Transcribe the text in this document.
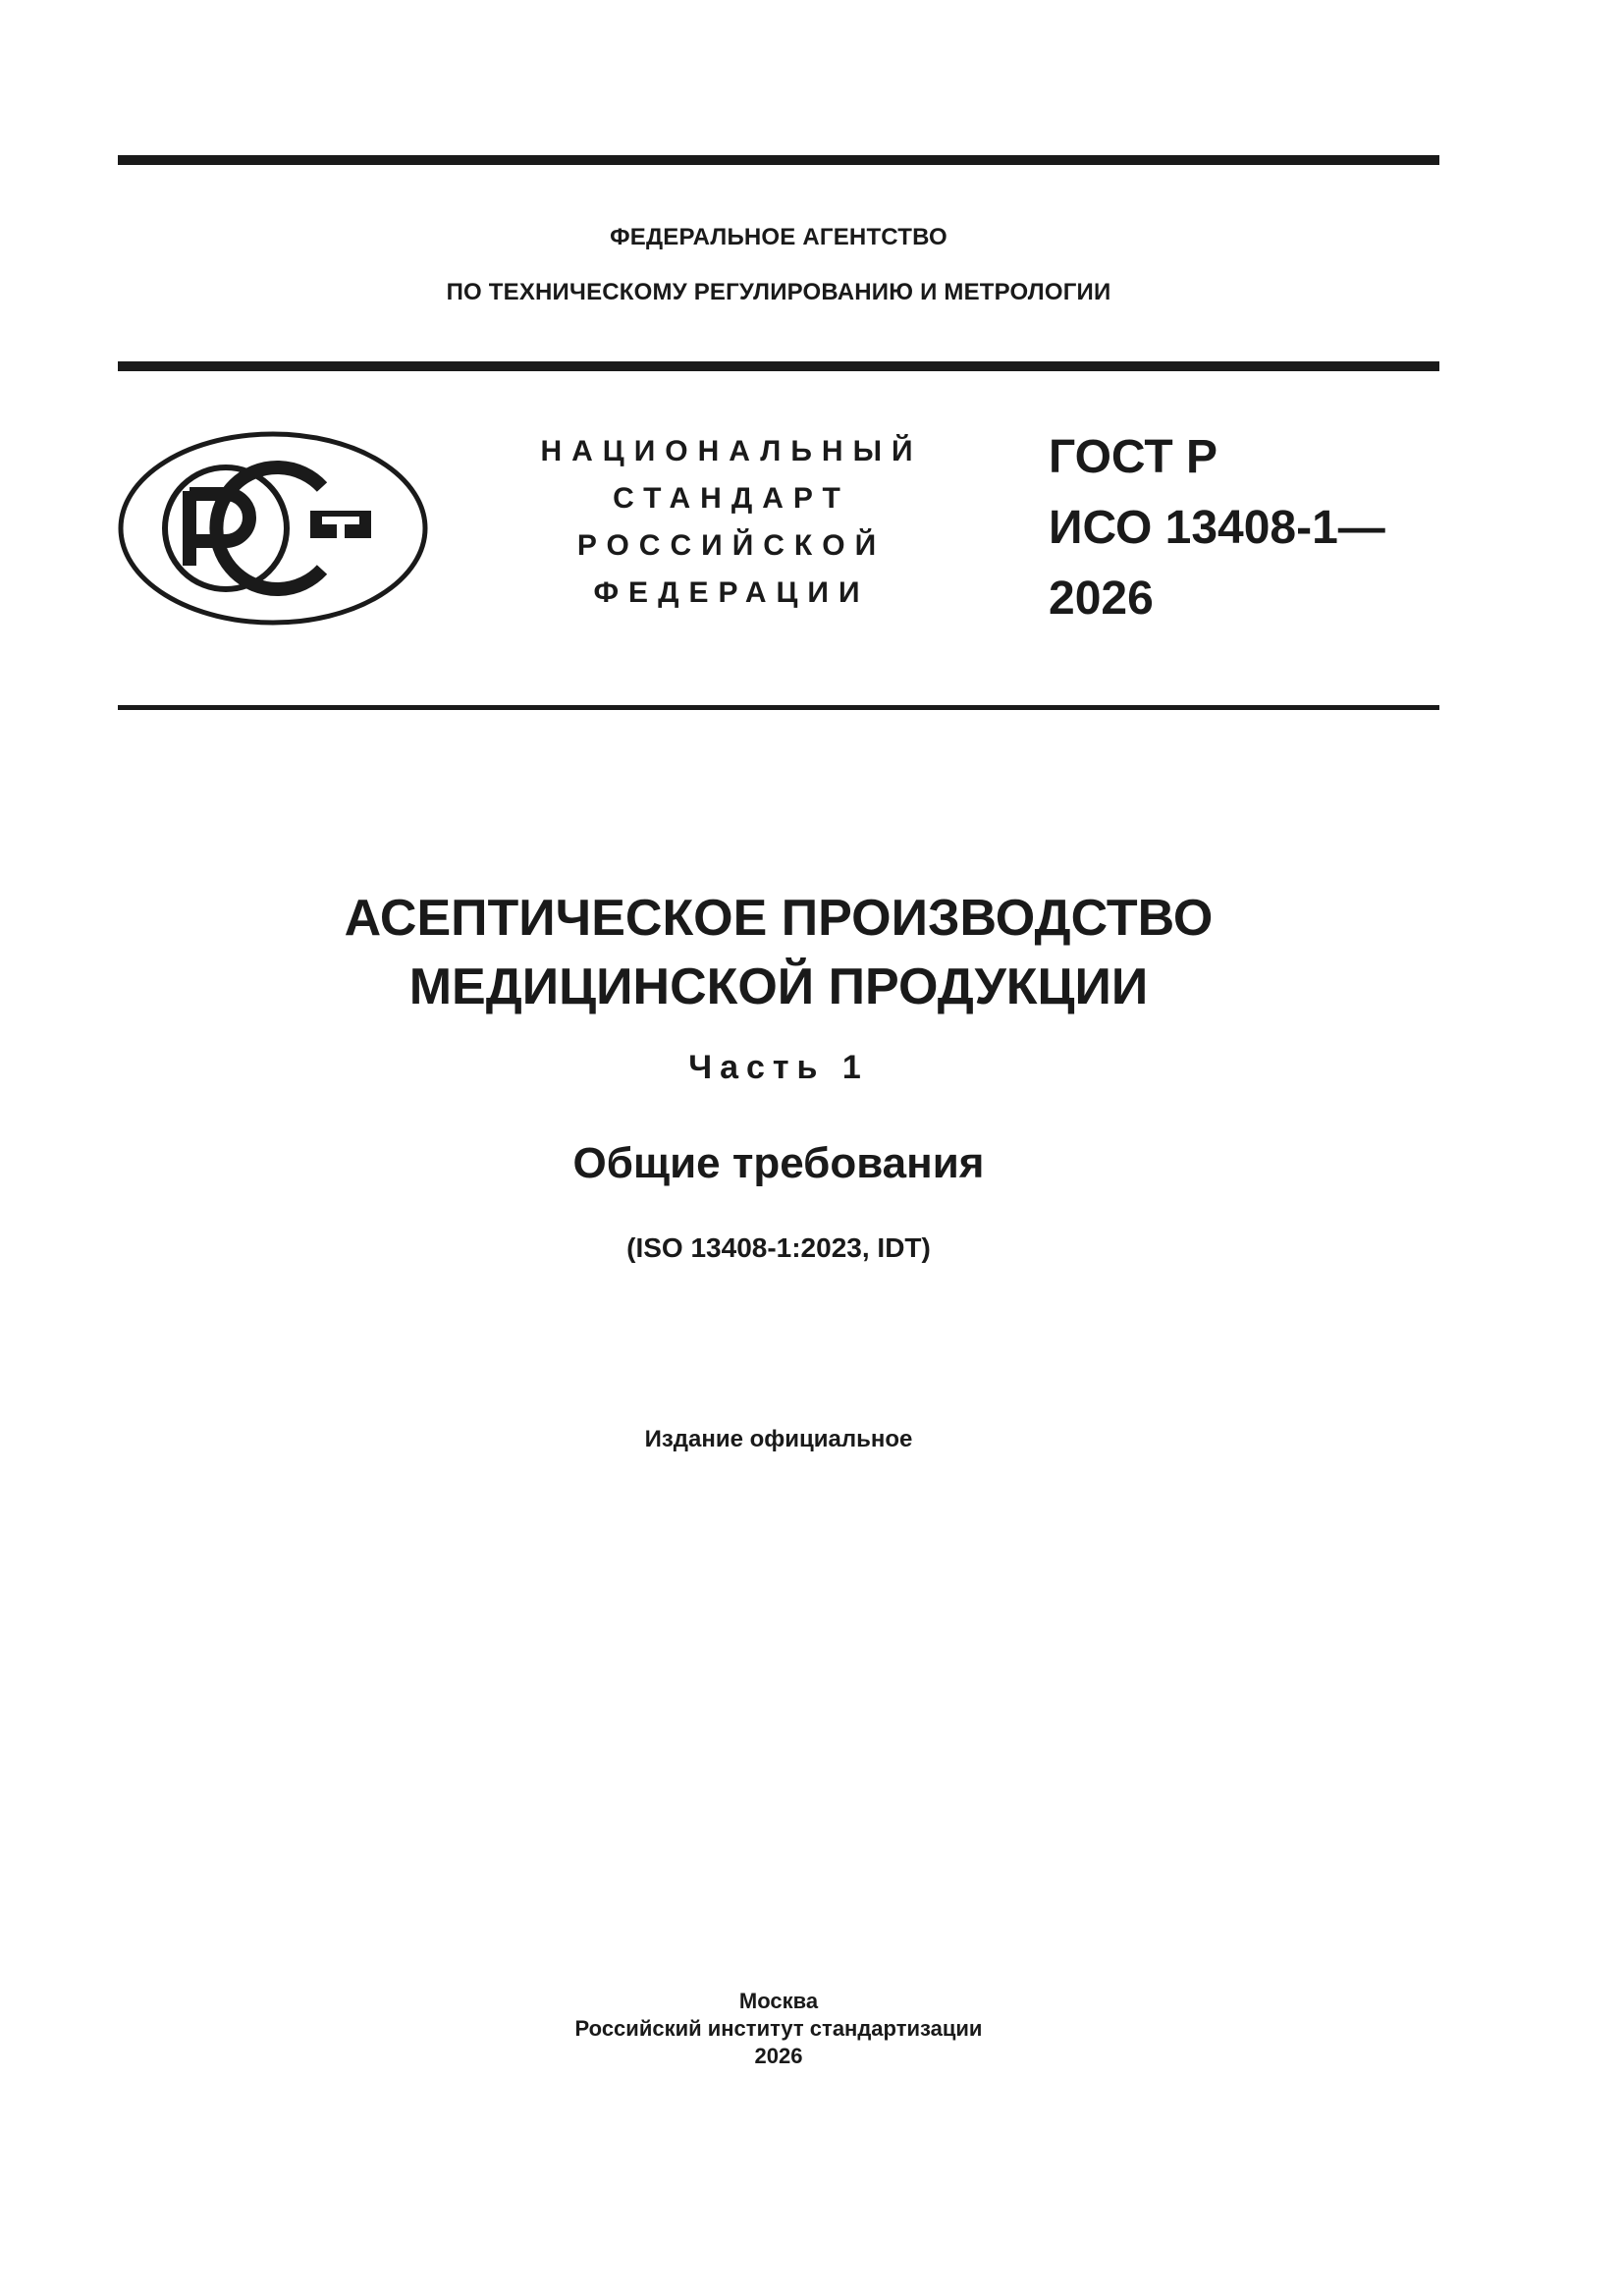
ФЕДЕРАЛЬНОЕ АГЕНТСТВО
ПО ТЕХНИЧЕСКОМУ РЕГУЛИРОВАНИЮ И МЕТРОЛОГИИ
НАЦИОНАЛЬНЫЙ
СТАНДАРТ
РОССИЙСКОЙ
ФЕДЕРАЦИИ
ГОСТ Р
ИСО 13408-1—
2026
АСЕПТИЧЕСКОЕ ПРОИЗВОДСТВО
МЕДИЦИНСКОЙ ПРОДУКЦИИ
Часть 1
Общие требования
(ISO 13408-1:2023, IDT)
Издание официальное
Москва
Российский институт стандартизации
2026
